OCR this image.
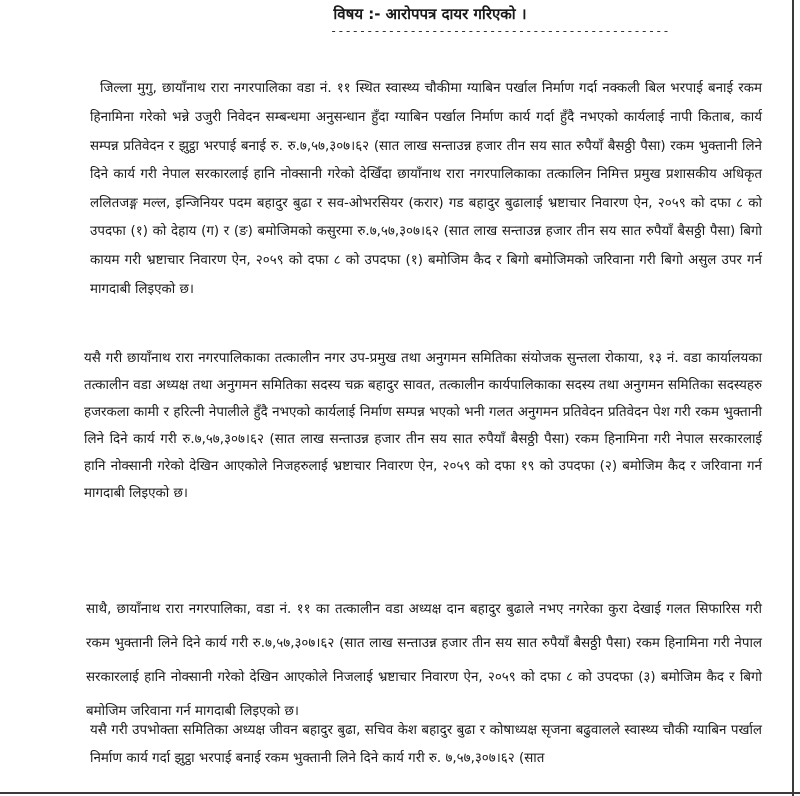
विषय :- आरोपपत्र दायर गरिएको ।
-----------------------------------------------

जिल्ला मुगु, छायाँनाथ रारा नगरपालिका वडा नं. ११ स्थित स्वास्थ्य चौकीमा ग्याबिन पर्खाल निर्माण गर्दा नक्कली बिल भरपाई बनाई रकम हिनामिना गरेको भन्ने उजुरी निवेदन सम्बन्धमा अनुसन्धान हुँदा ग्याबिन पर्खाल निर्माण कार्य गर्दा हुँदै नभएको कार्यलाई नापी किताब, कार्य सम्पन्न प्रतिवेदन र झुट्ठा भरपाई बनाई रु. रु.७,५७,३०७।६२ (सात लाख सन्ताउन्न हजार तीन सय सात रुपैयाँ बैसठ्ठी पैसा) रकम भुक्तानी लिने दिने कार्य गरी नेपाल सरकारलाई हानि नोक्सानी गरेको देखिँदा छायाँनाथ रारा नगरपालिकाका तत्कालिन निमित्त प्रमुख प्रशासकीय अधिकृत ललितजङ्ग मल्ल, इन्जिनियर पदम बहादुर बुढा र सव-ओभरसियर (करार) गड बहादुर बुढालाई भ्रष्टाचार निवारण ऐन, २०५९ को दफा ८ को उपदफा (१) को देहाय (ग) र (ङ) बमोजिमको कसुरमा रु.७,५७,३०७।६२ (सात लाख सन्ताउन्न हजार तीन सय सात रुपैयाँ बैसठ्ठी पैसा) बिगो कायम गरी भ्रष्टाचार निवारण ऐन, २०५९ को दफा ८ को उपदफा (१) बमोजिम कैद र बिगो बमोजिमको जरिवाना गरी बिगो असुल उपर गर्न मागदाबी लिइएको छ।

यसै गरी छायाँनाथ रारा नगरपालिकाका तत्कालीन नगर उप-प्रमुख तथा अनुगमन समितिका संयोजक सुन्तला रोकाया, १३ नं. वडा कार्यालयका तत्कालीन वडा अध्यक्ष तथा अनुगमन समितिका सदस्य चक्र बहादुर सावत, तत्कालीन कार्यपालिकाका सदस्य तथा अनुगमन समितिका सदस्यहरु हजरकला कामी र हरित्नी नेपालीले हुँदै नभएको कार्यलाई निर्माण सम्पन्न भएको भनी गलत अनुगमन प्रतिवेदन प्रतिवेदन पेश गरी रकम भुक्तानी लिने दिने कार्य गरी रु.७,५७,३०७।६२ (सात लाख सन्ताउन्न हजार तीन सय सात रुपैयाँ बैसठ्ठी पैसा) रकम हिनामिना गरी नेपाल सरकारलाई हानि नोक्सानी गरेको देखिन आएकोले निजहरुलाई भ्रष्टाचार निवारण ऐन, २०५९ को दफा १९ को उपदफा (२) बमोजिम कैद र जरिवाना गर्न मागदाबी लिइएको छ।

साथै, छायाँनाथ रारा नगरपालिका, वडा नं. ११ का तत्कालीन वडा अध्यक्ष दान बहादुर बुढाले नभए नगरेका कुरा देखाई गलत सिफारिस गरी रकम भुक्तानी लिने दिने कार्य गरी रु.७,५७,३०७।६२ (सात लाख सन्ताउन्न हजार तीन सय सात रुपैयाँ बैसठ्ठी पैसा) रकम हिनामिना गरी नेपाल सरकारलाई हानि नोक्सानी गरेको देखिन आएकोले निजलाई भ्रष्टाचार निवारण ऐन, २०५९ को दफा ८ को उपदफा (३) बमोजिम कैद र बिगो बमोजिम जरिवाना गर्न मागदाबी लिइएको छ।

यसै गरी उपभोक्ता समितिका अध्यक्ष जीवन बहादुर बुढा, सचिव केश बहादुर बुढा र कोषाध्यक्ष सृजना बढुवालले स्वास्थ्य चौकी ग्याबिन पर्खाल निर्माण कार्य गर्दा झुट्ठा भरपाई बनाई रकम भुक्तानी लिने दिने कार्य गरी रु. ७,५७,३०७।६२ (सात
